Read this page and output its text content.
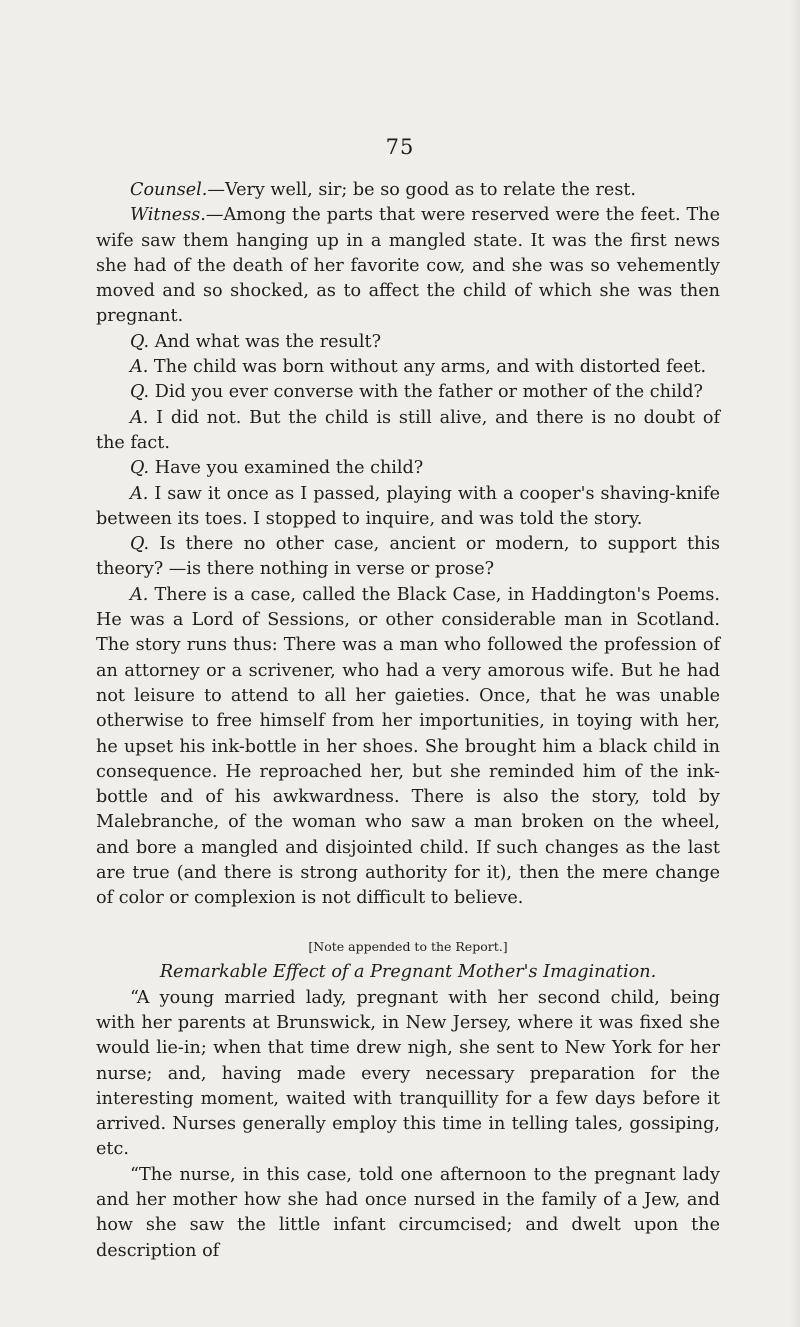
75

Counsel.—Very well, sir; be so good as to relate the rest.

Witness.—Among the parts that were reserved were the feet. The wife saw them hanging up in a mangled state. It was the first news she had of the death of her favorite cow, and she was so vehemently moved and so shocked, as to affect the child of which she was then pregnant.

Q. And what was the result?

A. The child was born without any arms, and with distorted feet.

Q. Did you ever converse with the father or mother of the child?

A. I did not. But the child is still alive, and there is no doubt of the fact.

Q. Have you examined the child?

A. I saw it once as I passed, playing with a cooper's shaving-knife between its toes. I stopped to inquire, and was told the story.

Q. Is there no other case, ancient or modern, to support this theory? —is there nothing in verse or prose?

A. There is a case, called the Black Case, in Haddington's Poems. He was a Lord of Sessions, or other considerable man in Scotland. The story runs thus: There was a man who followed the profession of an attorney or a scrivener, who had a very amorous wife. But he had not leisure to attend to all her gaieties. Once, that he was unable otherwise to free himself from her importunities, in toying with her, he upset his ink-bottle in her shoes. She brought him a black child in consequence. He reproached her, but she reminded him of the ink-bottle and of his awkwardness. There is also the story, told by Malebranche, of the woman who saw a man broken on the wheel, and bore a mangled and disjointed child. If such changes as the last are true (and there is strong authority for it), then the mere change of color or complexion is not difficult to believe.

[Note appended to the Report.]
Remarkable Effect of a Pregnant Mother's Imagination.

“A young married lady, pregnant with her second child, being with her parents at Brunswick, in New Jersey, where it was fixed she would lie-in; when that time drew nigh, she sent to New York for her nurse; and, having made every necessary preparation for the interesting moment, waited with tranquillity for a few days before it arrived. Nurses generally employ this time in telling tales, gossiping, etc.

“The nurse, in this case, told one afternoon to the pregnant lady and her mother how she had once nursed in the family of a Jew, and how she saw the little infant circumcised; and dwelt upon the description of
